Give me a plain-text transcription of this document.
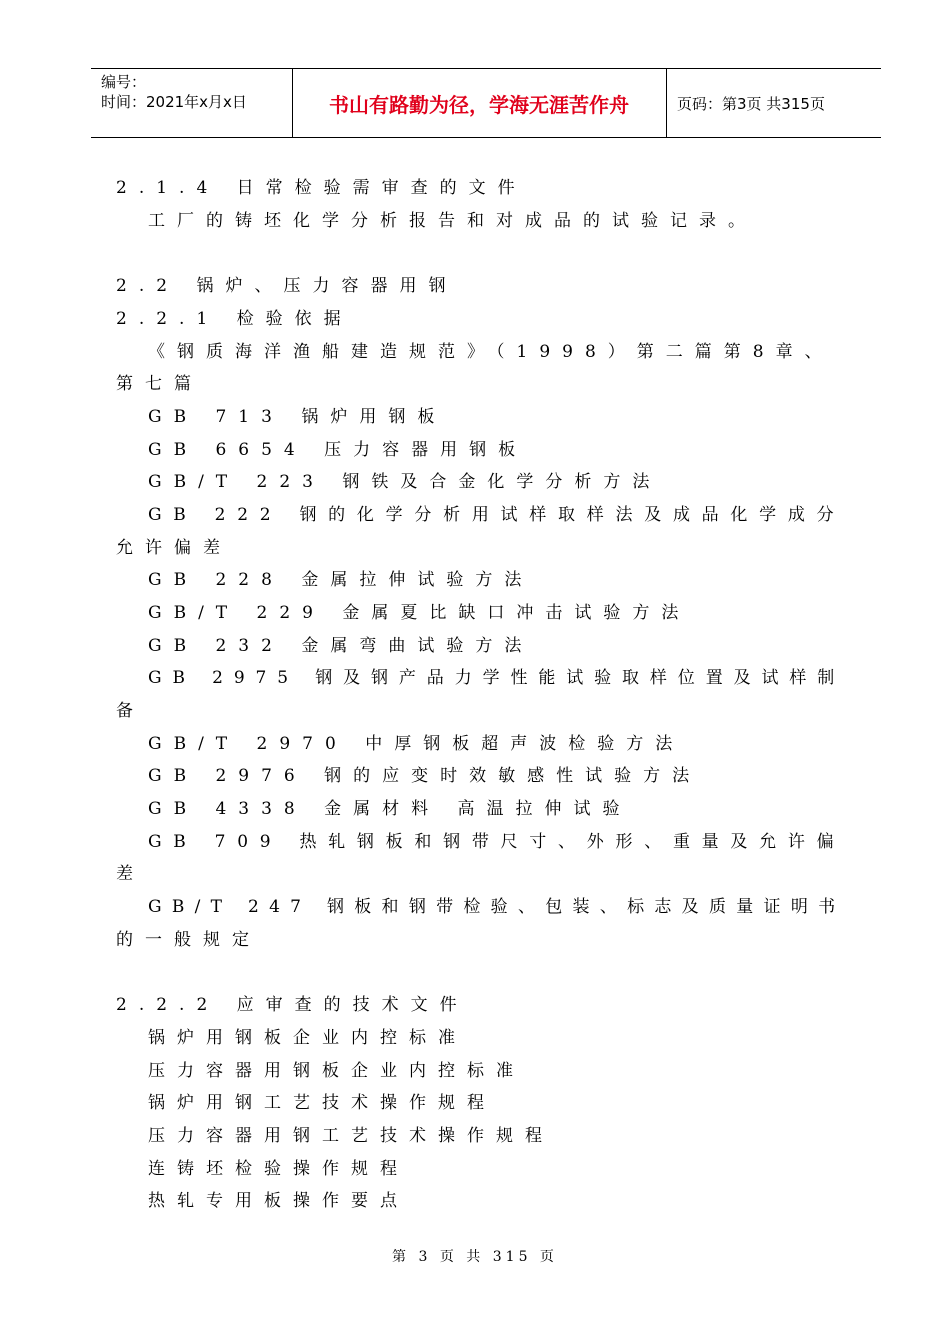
编号：
时间：2021年x月x日	书山有路勤为径，学海无涯苦作舟	页码：第3页 共315页
2.1.4 日常检验需审查的文件
工厂的铸坯化学分析报告和对成品的试验记录。
2.2 锅炉、压力容器用钢
2.2.1 检验依据
《钢质海洋渔船建造规范》（1998）第二篇第8章、
第七篇
GB 713 锅炉用钢板
GB 6654 压力容器用钢板
GB/T 223 钢铁及合金化学分析方法
GB 222 钢的化学分析用试样取样法及成品化学成分
允许偏差
GB 228 金属拉伸试验方法
GB/T 229 金属夏比缺口冲击试验方法
GB 232 金属弯曲试验方法
GB 2975 钢及钢产品力学性能试验取样位置及试样制
备
GB/T 2970 中厚钢板超声波检验方法
GB 2976 钢的应变时效敏感性试验方法
GB 4338 金属材料 高温拉伸试验
GB 709 热轧钢板和钢带尺寸、外形、重量及允许偏
差
GB/T 247 钢板和钢带检验、包装、标志及质量证明书
的一般规定
2.2.2 应审查的技术文件
锅炉用钢板企业内控标准
压力容器用钢板企业内控标准
锅炉用钢工艺技术操作规程
压力容器用钢工艺技术操作规程
连铸坯检验操作规程
热轧专用板操作要点
第 3 页 共 315 页
